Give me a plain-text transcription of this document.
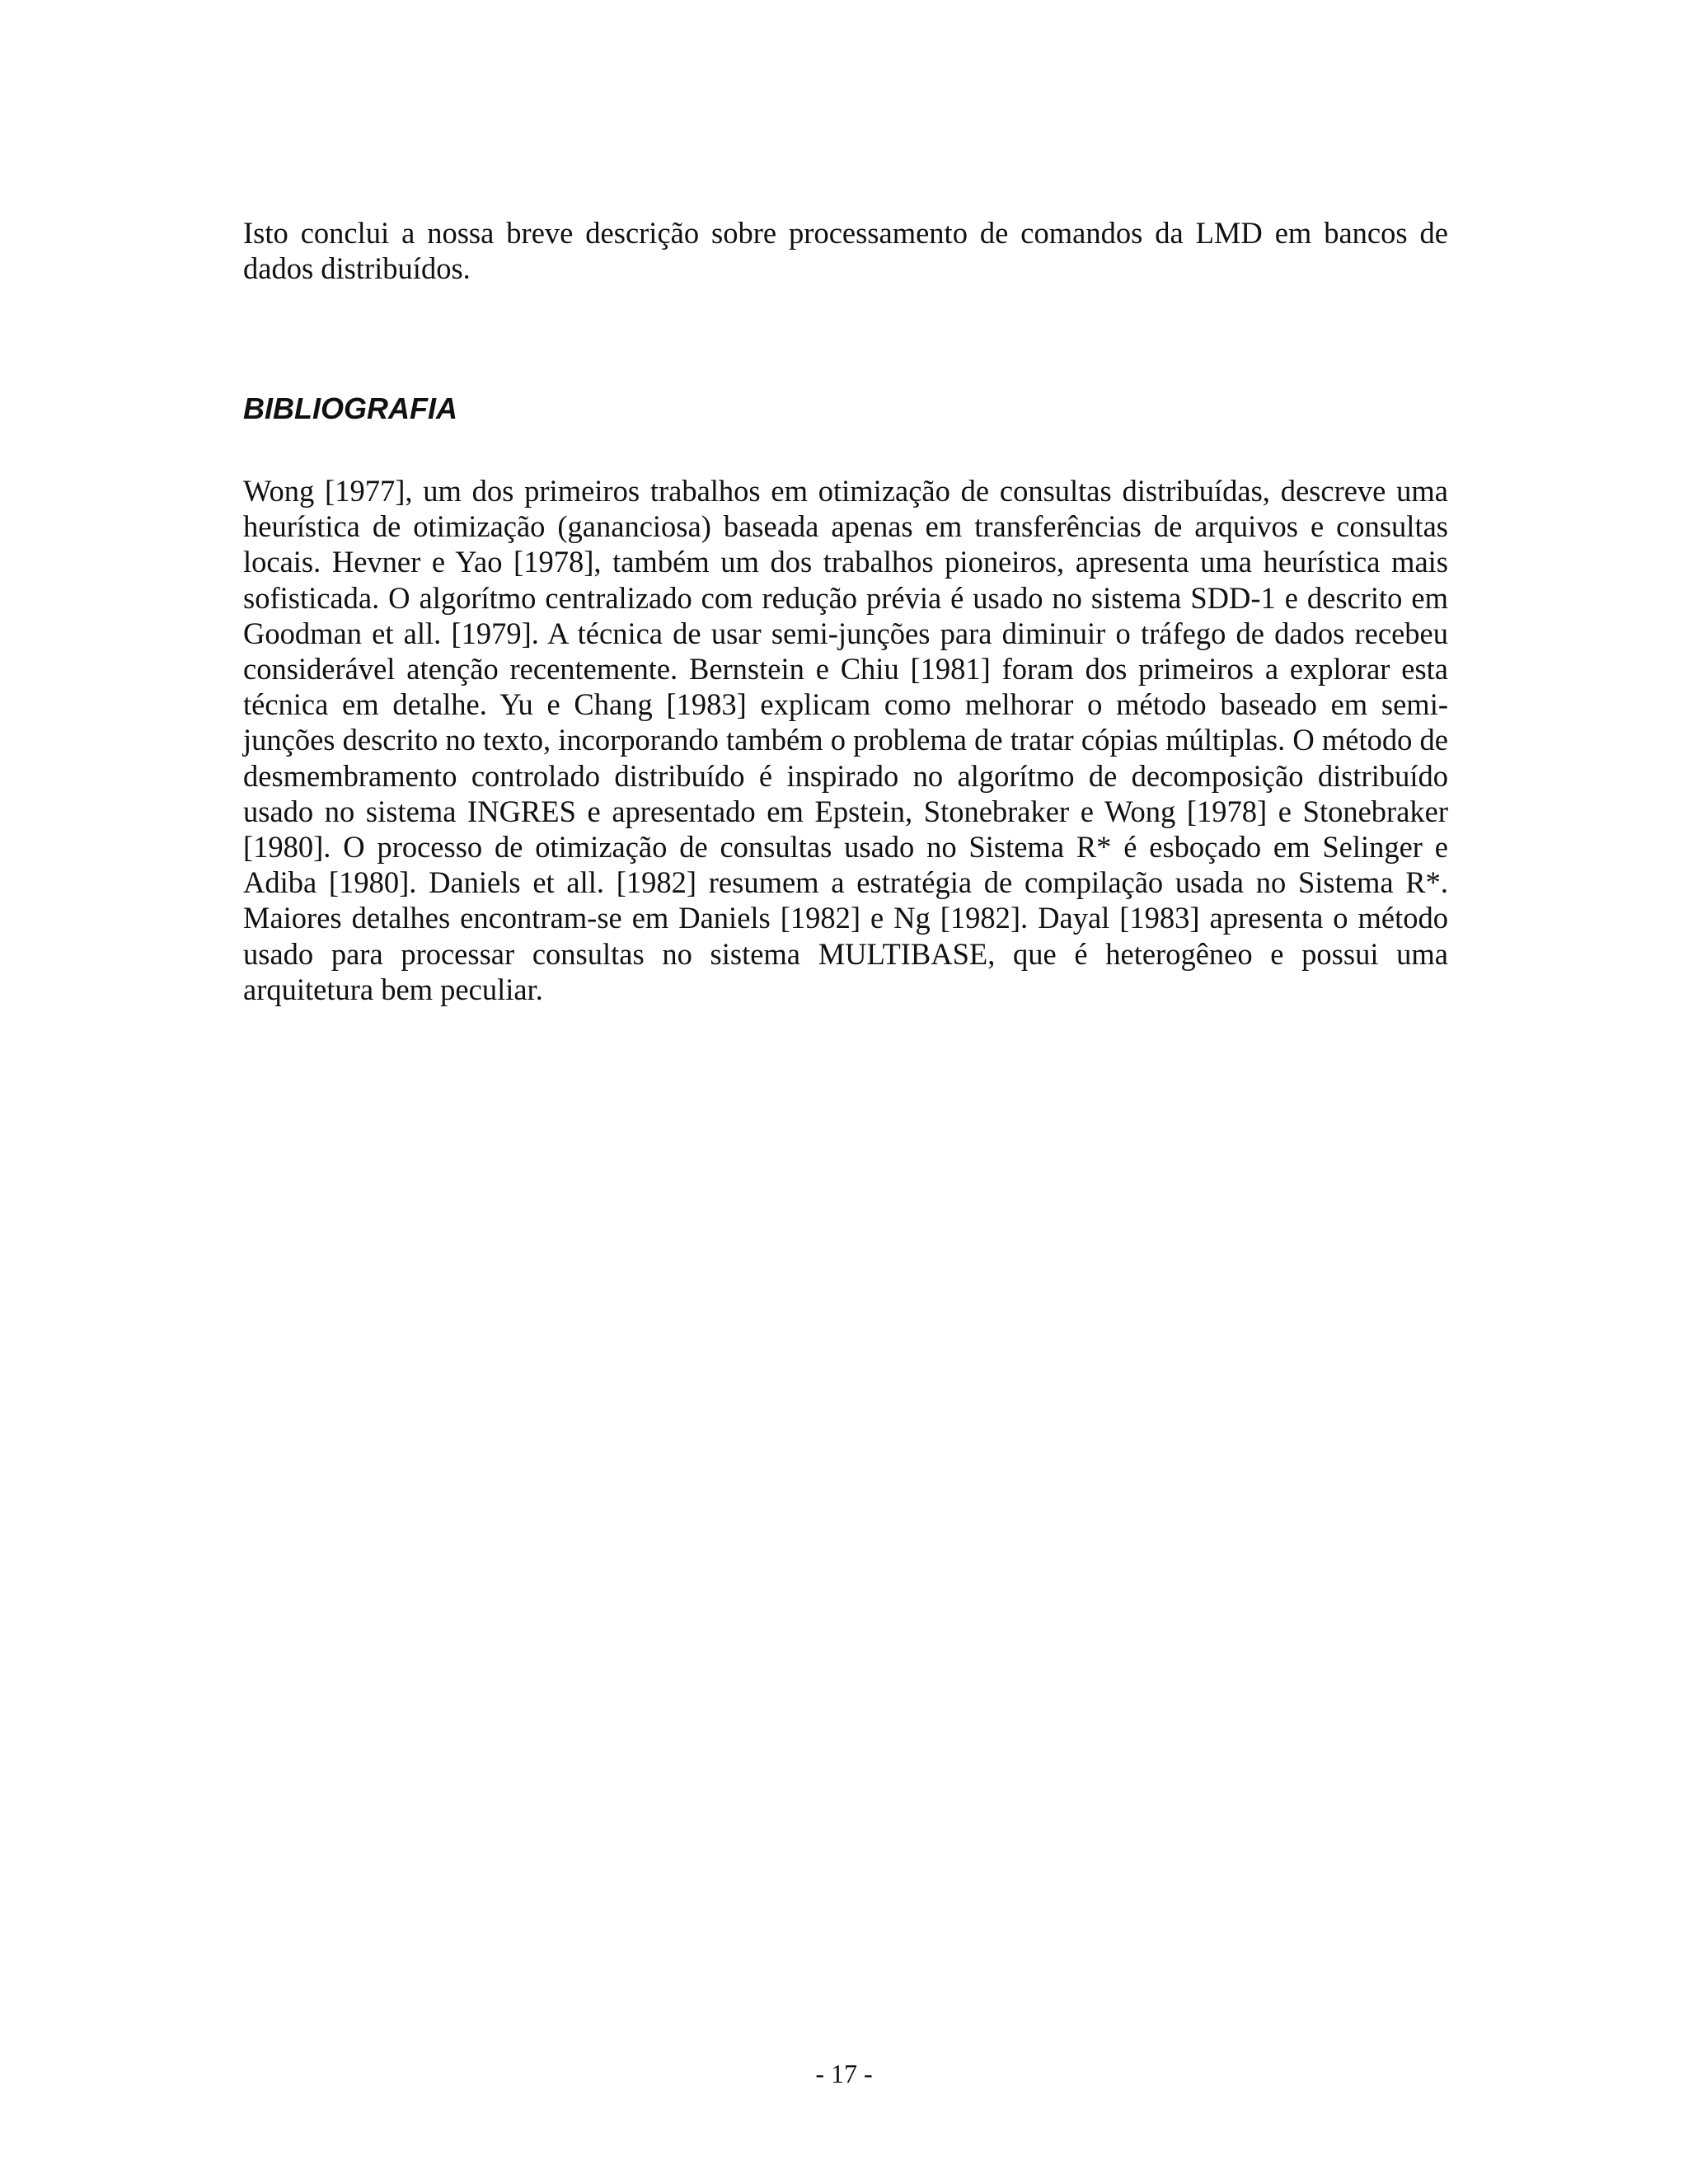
Isto conclui a nossa breve descrição sobre processamento de comandos da LMD em bancos de dados distribuídos.

BIBLIOGRAFIA

Wong [1977], um dos primeiros trabalhos em otimização de consultas distribuídas, descreve uma heurística de otimização (gananciosa) baseada apenas em transferências de arquivos e consultas locais. Hevner e Yao [1978], também um dos trabalhos pioneiros, apresenta uma heurística mais sofisticada. O algorítmo centralizado com redução prévia é usado no sistema SDD-1 e descrito em Goodman et all. [1979]. A técnica de usar semi-junções para diminuir o tráfego de dados recebeu considerável atenção recentemente. Bernstein e Chiu [1981] foram dos primeiros a explorar esta técnica em detalhe. Yu e Chang [1983] explicam como melhorar o método baseado em semi-junções descrito no texto, incorporando também o problema de tratar cópias múltiplas. O método de desmembramento controlado distribuído é inspirado no algorítmo de decomposição distribuído usado no sistema INGRES e apresentado em Epstein, Stonebraker e Wong [1978] e Stonebraker [1980]. O processo de otimização de consultas usado no Sistema R* é esboçado em Selinger e Adiba [1980]. Daniels et all. [1982] resumem a estratégia de compilação usada no Sistema R*. Maiores detalhes encontram-se em Daniels [1982] e Ng [1982]. Dayal [1983] apresenta o método usado para processar consultas no sistema MULTIBASE, que é heterogêneo e possui uma arquitetura bem peculiar.

- 17 -
